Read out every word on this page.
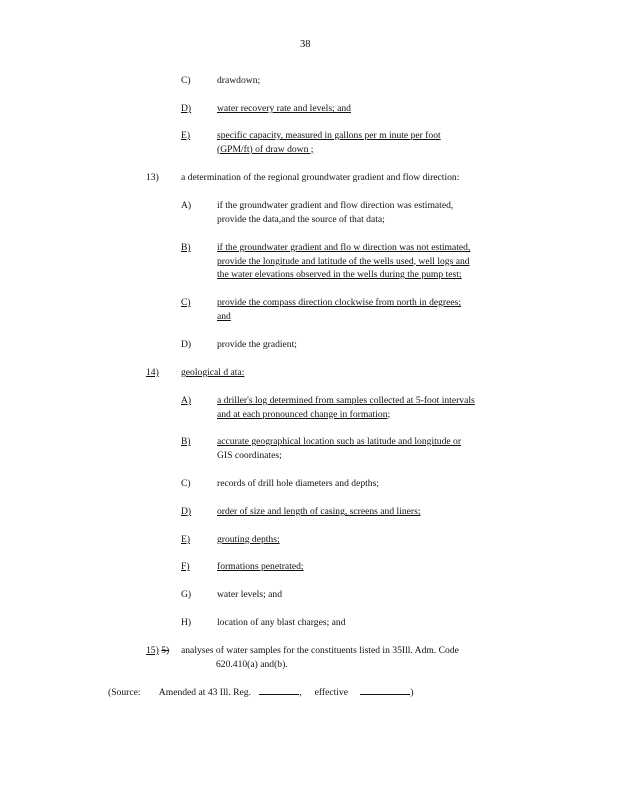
38
C)	drawdown;
D)	water recovery rate and levels; and
E)	specific capacity, measured in gallons per m inute per foot
(GPM/ft) of draw down ;
13) a determination of the regional groundwater gradient and flow direction:
A)	if the groundwater gradient and flow direction was estimated,
provide the data,and the source of that data;
B)	if the groundwater gradient and flo w direction was not estimated,
provide the longitude and latitude of the wells used, well logs and
the water elevations observed in the wells during the pump test;
C)	provide the compass direction clockwise from north in degrees;
and
D)	provide the gradient;
14) geological d ata:
A)	a driller's log determined from samples collected at 5-foot intervals
and at each pronounced change in formation;
B)	accurate geographical location such as latitude and longitude or
GIS coordinates;
C)	records of drill hole diameters and depths;
D)	order of size and length of casing, screens and liners;
E)	grouting depths;
F)	formations penetrated;
G)	water levels; and
H)	location of any blast charges; and
15) 5) analyses of water samples for the constituents listed in 35Ill. Adm. Code
620.410(a) and(b).
(Source: Amended at 43 Ill. Reg.	, effective	)
